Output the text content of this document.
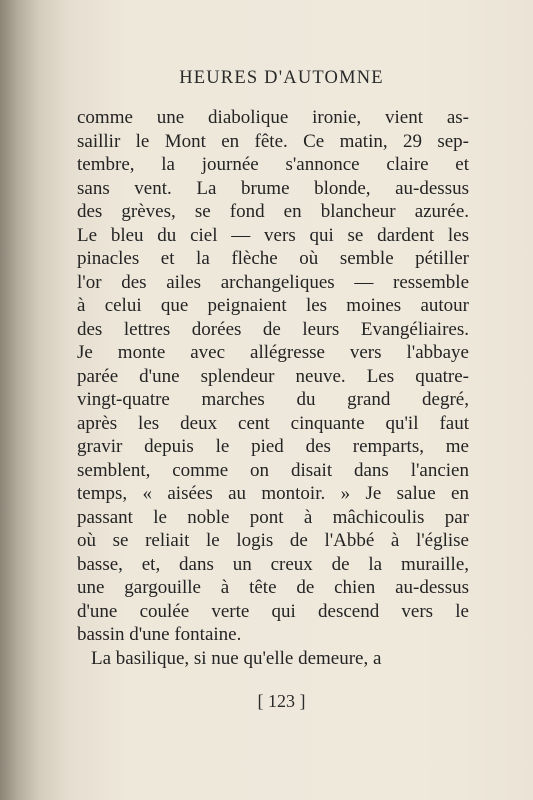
HEURES D'AUTOMNE
comme une diabolique ironie, vient as-
saillir le Mont en fête. Ce matin, 29 sep-
tembre, la journée s'annonce claire et
sans vent. La brume blonde, au-dessus
des grèves, se fond en blancheur azurée.
Le bleu du ciel — vers qui se dardent les
pinacles et la flèche où semble pétiller
l'or des ailes archangeliques — ressemble
à celui que peignaient les moines autour
des lettres dorées de leurs Evangéliaires.
Je monte avec allégresse vers l'abbaye
parée d'une splendeur neuve. Les quatre-
vingt-quatre marches du grand degré,
après les deux cent cinquante qu'il faut
gravir depuis le pied des remparts, me
semblent, comme on disait dans l'ancien
temps, « aisées au montoir. » Je salue en
passant le noble pont à mâchicoulis par
où se reliait le logis de l'Abbé à l'église
basse, et, dans un creux de la muraille,
une gargouille à tête de chien au-dessus
d'une coulée verte qui descend vers le
bassin d'une fontaine.
La basilique, si nue qu'elle demeure, a
[ 123 ]
